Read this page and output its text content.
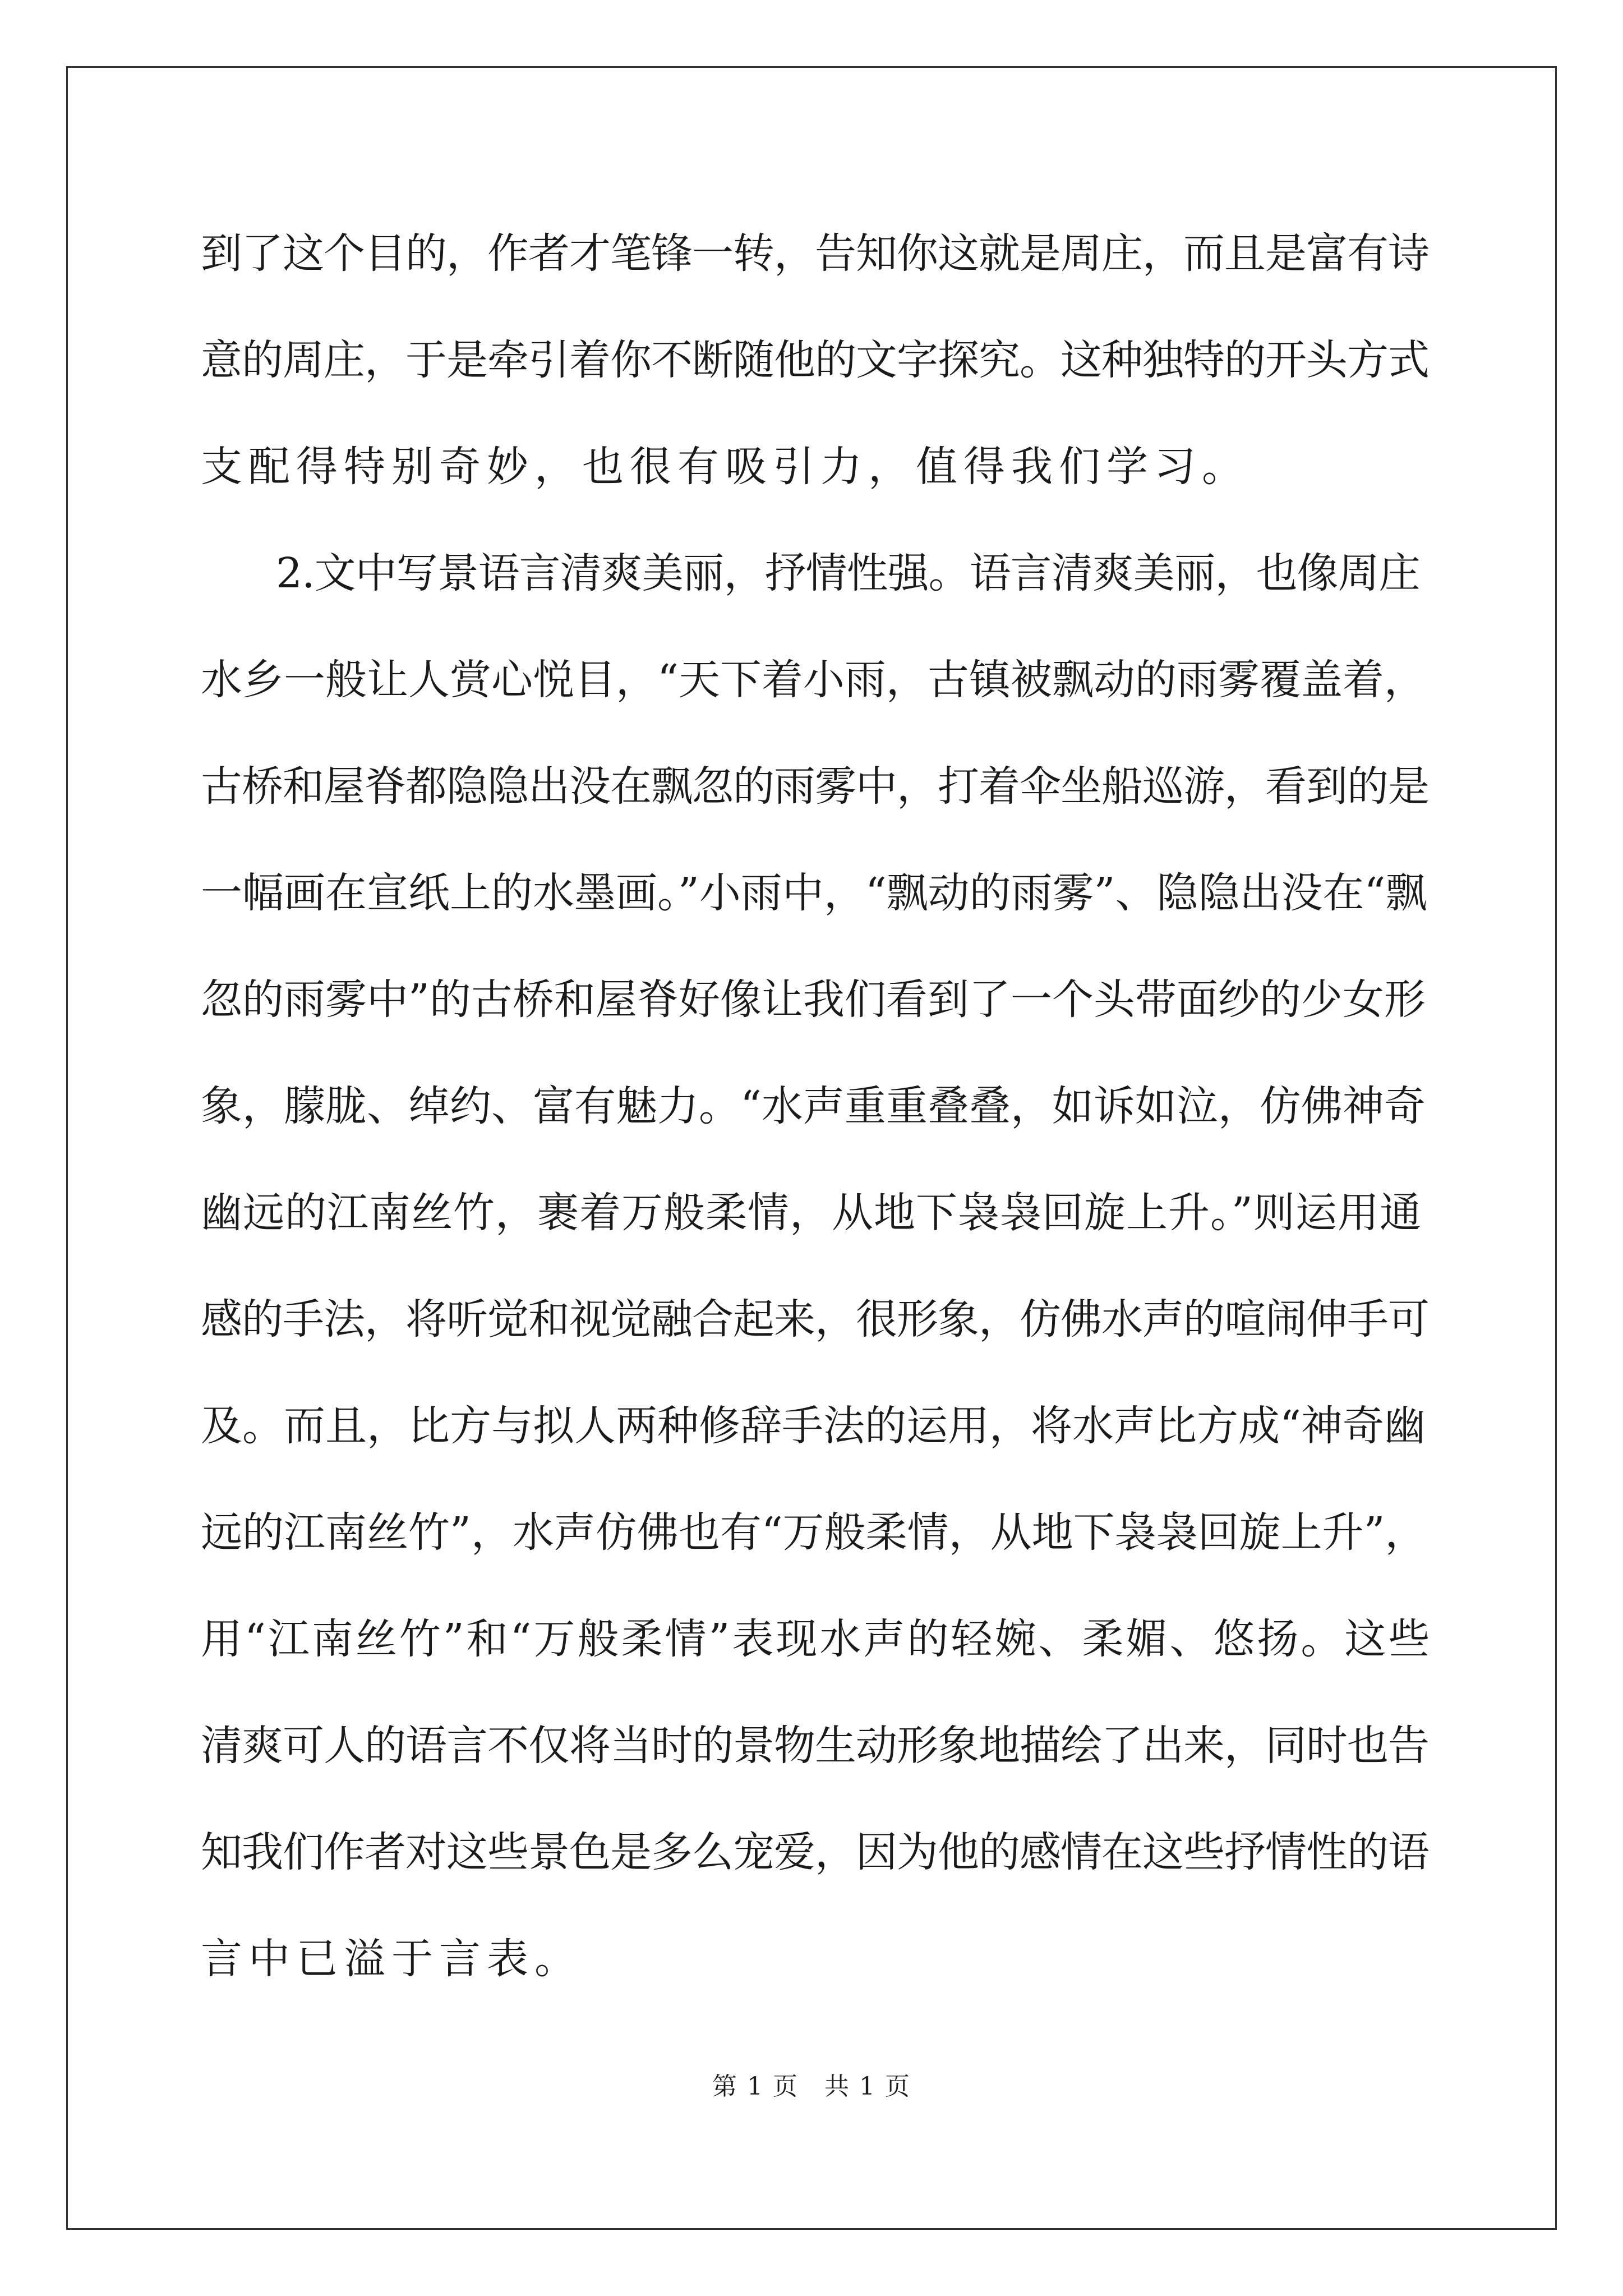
到了这个目的，作者才笔锋一转，告知你这就是周庄，而且是富有诗
意的周庄，于是牵引着你不断随他的文字探究。这种独特的开头方式
支配得特别奇妙，也很有吸引力，值得我们学习。
2.文中写景语言清爽美丽，抒情性强。语言清爽美丽，也像周庄
水乡一般让人赏心悦目，“天下着小雨，古镇被飘动的雨雾覆盖着，
古桥和屋脊都隐隐出没在飘忽的雨雾中，打着伞坐船巡游，看到的是
一幅画在宣纸上的水墨画。”小雨中，“飘动的雨雾”、隐隐出没在“飘
忽的雨雾中”的古桥和屋脊好像让我们看到了一个头带面纱的少女形
象，朦胧、绰约、富有魅力。“水声重重叠叠，如诉如泣，仿佛神奇
幽远的江南丝竹，裹着万般柔情，从地下袅袅回旋上升。”则运用通
感的手法，将听觉和视觉融合起来，很形象，仿佛水声的喧闹伸手可
及。而且，比方与拟人两种修辞手法的运用，将水声比方成“神奇幽
远的江南丝竹”，水声仿佛也有“万般柔情，从地下袅袅回旋上升”，
用“江南丝竹”和“万般柔情”表现水声的轻婉、柔媚、悠扬。这些
清爽可人的语言不仅将当时的景物生动形象地描绘了出来，同时也告
知我们作者对这些景色是多么宠爱，因为他的感情在这些抒情性的语
言中已溢于言表。
第 1 页　共 1 页
